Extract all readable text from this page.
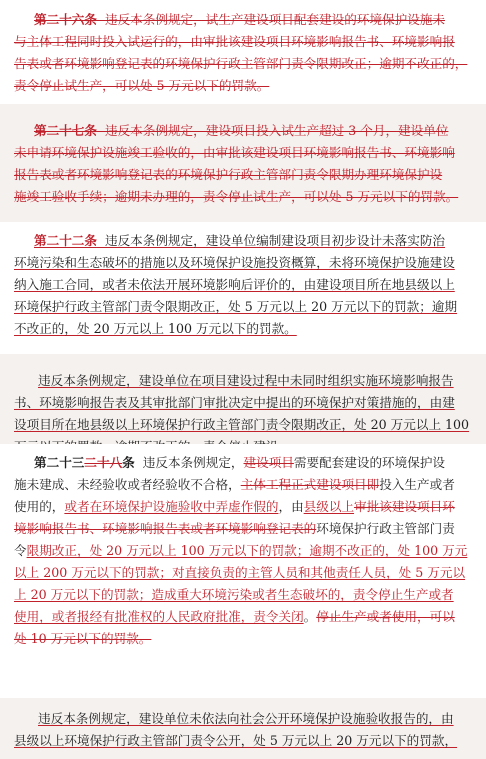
第二十六条  违反本条例规定，试生产建设项目配套建设的环境保护设施未
与主体工程同时投入试运行的，由审批该建设项目环境影响报告书、环境影响报
告表或者环境影响登记表的环境保护行政主管部门责令限期改正；逾期不改正的，
责令停止试生产，可以处 5 万元以下的罚款。
第二十七条  违反本条例规定，建设项目投入试生产超过 3 个月，建设单位
未申请环境保护设施竣工验收的，由审批该建设项目环境影响报告书、环境影响
报告表或者环境影响登记表的环境保护行政主管部门责令限期办理环境保护设
施竣工验收手续；逾期未办理的，责令停止试生产，可以处 5 万元以下的罚款。
第二十二条  违反本条例规定，建设单位编制建设项目初步设计未落实防治
环境污染和生态破坏的措施以及环境保护设施投资概算，未将环境保护设施建设
纳入施工合同，或者未依法开展环境影响后评价的，由建设项目所在地县级以上
环境保护行政主管部门责令限期改正，处 5 万元以上 20 万元以下的罚款；逾期
不改正的，处 20 万元以上 100 万元以下的罚款。
违反本条例规定，建设单位在项目建设过程中未同时组织实施环境影响报告
书、环境影响报告表及其审批部门审批决定中提出的环境保护对策措施的，由建
设项目所在地县级以上环境保护行政主管部门责令限期改正，处 20 万元以上 100
第二十三二十八条  违反本条例规定，建设项目需要配套建设的环境保护设
施未建成、未经验收或者经验收不合格，主体工程正式建设项目即投入生产或者
使用的，或者在环境保护设施验收中弄虚作假的，由县级以上审批该建设项目环
境影响报告书、环境影响报告表或者环境影响登记表的环境保护行政主管部门责
令限期改正，处 20 万元以上 100 万元以下的罚款；逾期不改正的，处 100 万元
以上 200 万元以下的罚款；对直接负责的主管人员和其他责任人员，处 5 万元以
上 20 万元以下的罚款；造成重大环境污染或者生态破坏的，责令停止生产或者
使用，或者报经有批准权的人民政府批准，责令关闭。停止生产或者使用，可以
处 10 万元以下的罚款。
违反本条例规定，建设单位未依法向社会公开环境保护设施验收报告的，由
县级以上环境保护行政主管部门责令公开，处 5 万元以上 20 万元以下的罚款，
